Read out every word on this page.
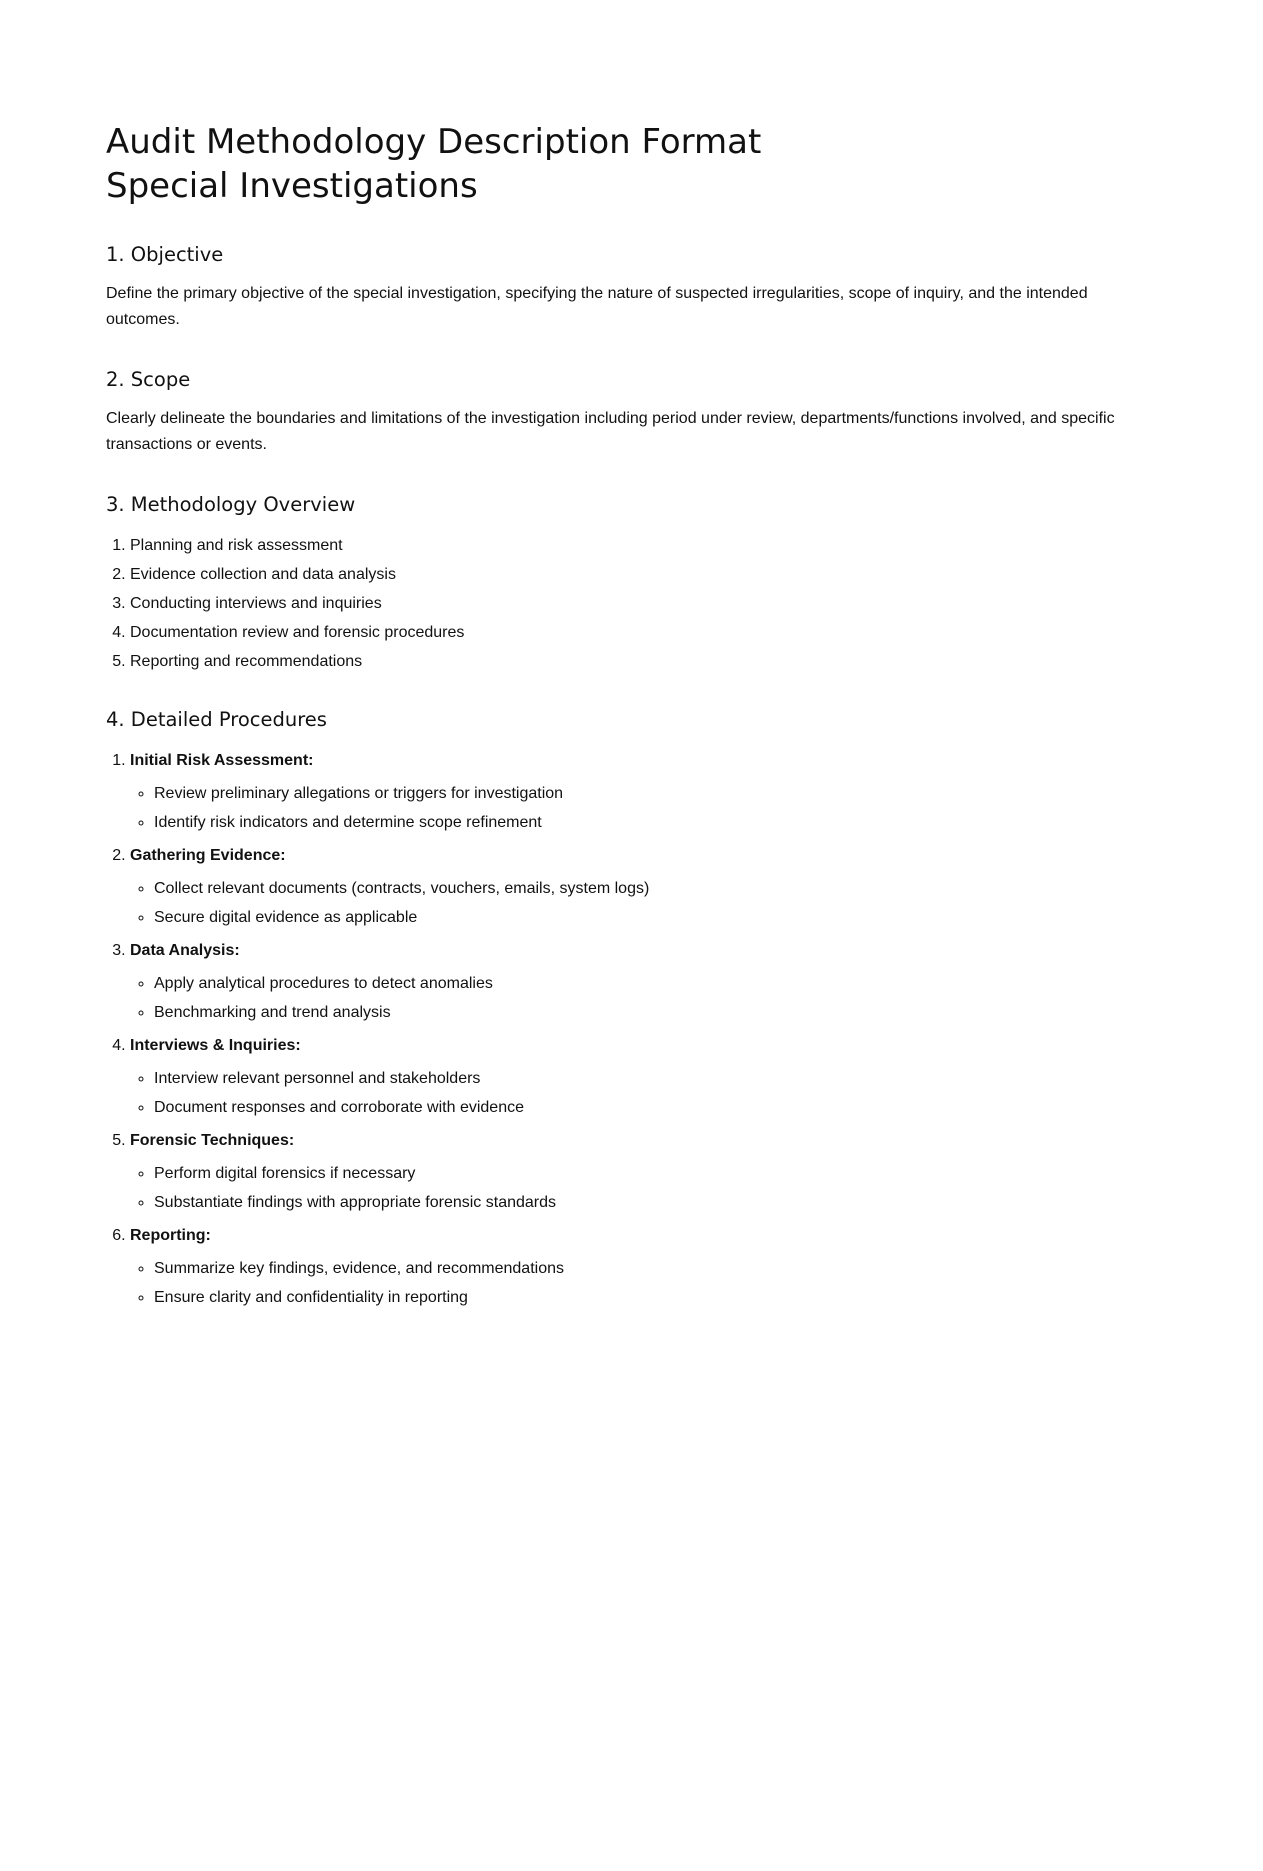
Audit Methodology Description Format
Special Investigations
1. Objective

Define the primary objective of the special investigation, specifying the nature of suspected irregularities, scope of inquiry, and the intended outcomes.

2. Scope

Clearly delineate the boundaries and limitations of the investigation including period under review, departments/functions involved, and specific transactions or events.

3. Methodology Overview
1. Planning and risk assessment
2. Evidence collection and data analysis
3. Conducting interviews and inquiries
4. Documentation review and forensic procedures
5. Reporting and recommendations
4. Detailed Procedures
1. Initial Risk Assessment:
◦ Review preliminary allegations or triggers for investigation
◦ Identify risk indicators and determine scope refinement
2. Gathering Evidence:
◦ Collect relevant documents (contracts, vouchers, emails, system logs)
◦ Secure digital evidence as applicable
3. Data Analysis:
◦ Apply analytical procedures to detect anomalies
◦ Benchmarking and trend analysis
4. Interviews & Inquiries:
◦ Interview relevant personnel and stakeholders
◦ Document responses and corroborate with evidence
5. Forensic Techniques:
◦ Perform digital forensics if necessary
◦ Substantiate findings with appropriate forensic standards
6. Reporting:
◦ Summarize key findings, evidence, and recommendations
◦ Ensure clarity and confidentiality in reporting
